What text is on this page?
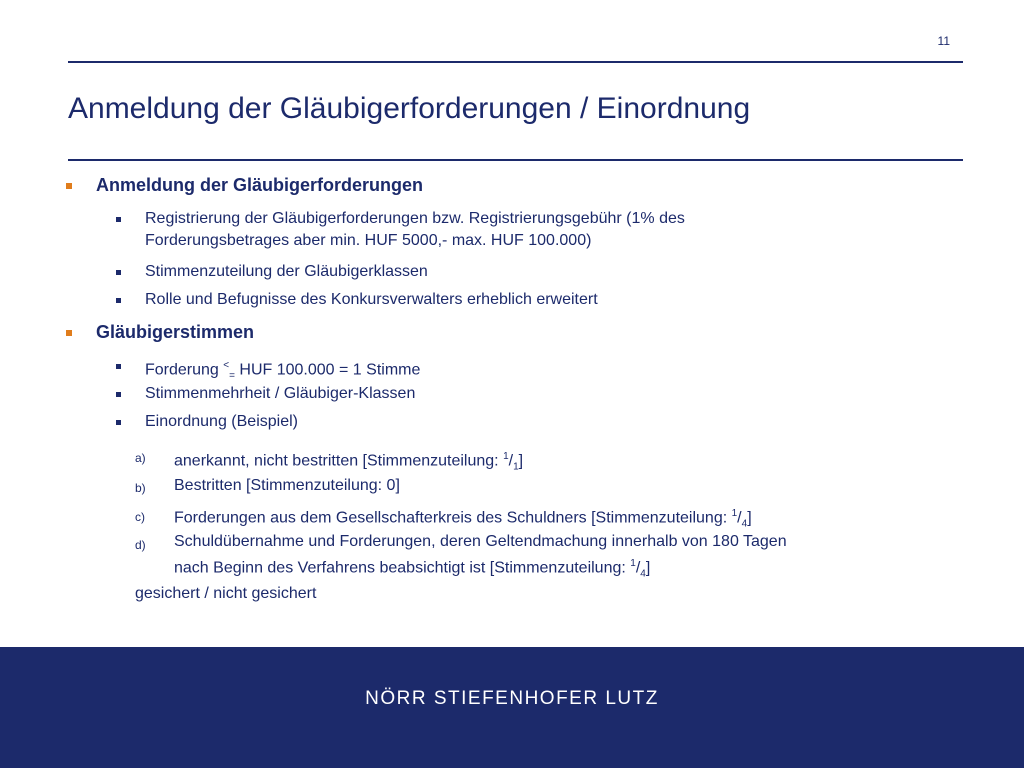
11
Anmeldung der Gläubigerforderungen / Einordnung
Anmeldung der Gläubigerforderungen
Registrierung der Gläubigerforderungen bzw. Registrierungsgebühr (1% des
Forderungsbetrages aber min. HUF 5000,- max. HUF 100.000)
Stimmenzuteilung der Gläubigerklassen
Rolle und Befugnisse des Konkursverwalters erheblich erweitert
Gläubigerstimmen
Forderung <$_=$ HUF 100.000 = 1 Stimme
Stimmenmehrheit / Gläubiger-Klassen
Einordnung (Beispiel)
a) anerkannt, nicht bestritten [Stimmenzuteilung: $^1/_1$]
b) Bestritten [Stimmenzuteilung: 0]
c) Forderungen aus dem Gesellschafterkreis des Schuldners [Stimmenzuteilung: $^1/_4$]
d) Schuldübernahme und Forderungen, deren Geltendmachung innerhalb von 180 Tagen
nach Beginn des Verfahrens beabsichtigt ist [Stimmenzuteilung: $^1/_4$]
gesichert / nicht gesichert
NÖRR STIEFENHOFER LUTZ
